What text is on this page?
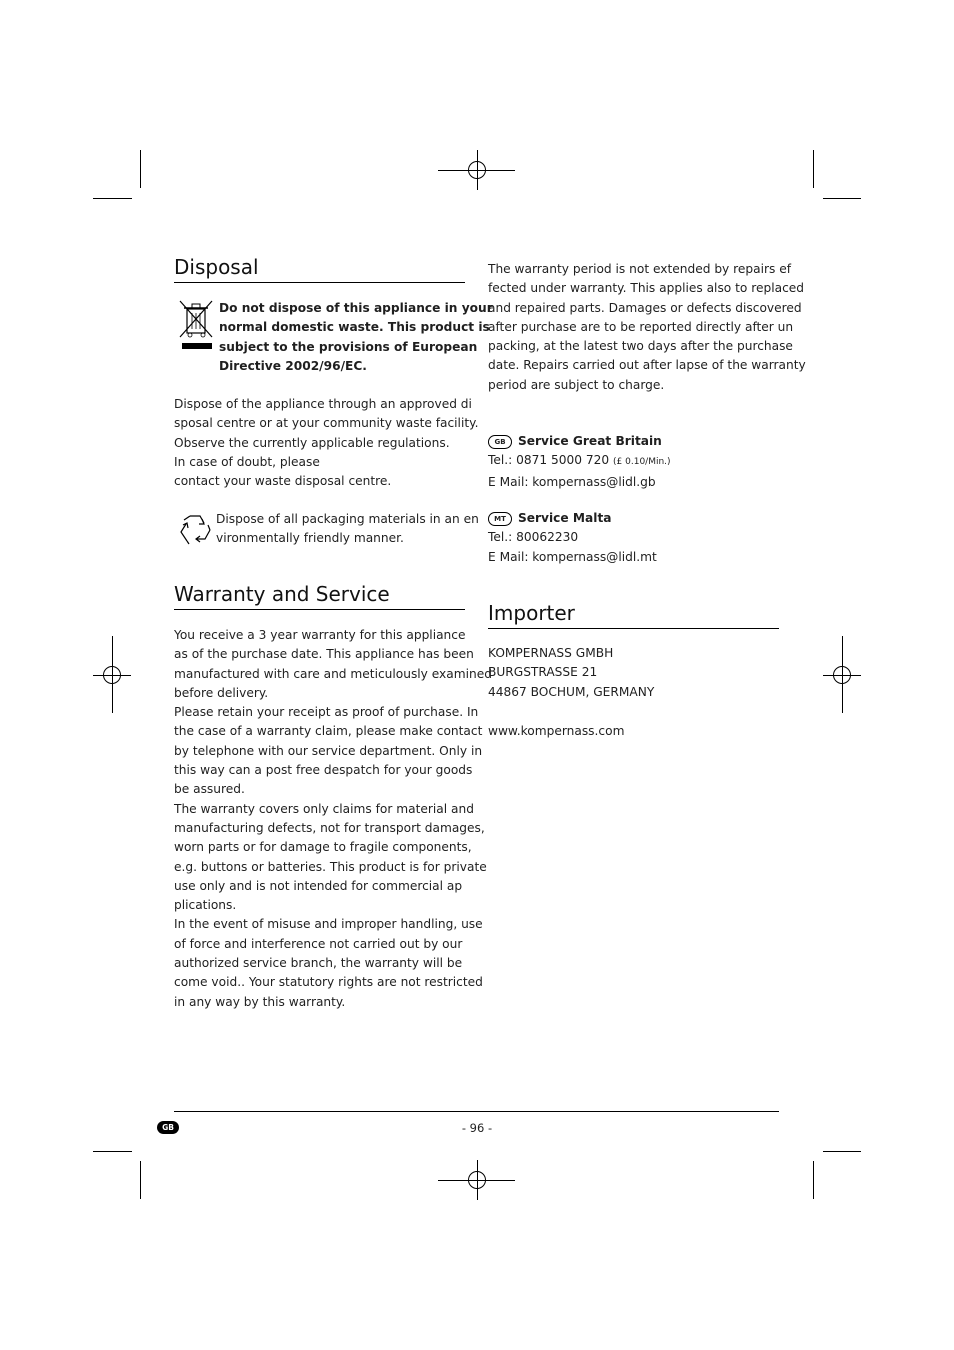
Disposal
Do not dispose of this appliance in your
normal domestic waste. This product is
subject to the provisions of European
Directive 2002/96/EC.
Dispose of the appliance through an approved di
sposal centre or at your community waste facility.
Observe the currently applicable regulations.
In case of doubt, please
contact your waste disposal centre.
Dispose of all packaging materials in an en
vironmentally friendly manner.
Warranty and Service
You receive a 3 year warranty for this appliance
as of the purchase date. This appliance has been
manufactured with care and meticulously examined
before delivery.
Please retain your receipt as proof of purchase. In
the case of a warranty claim, please make contact
by telephone with our service department. Only in
this way can a post free despatch for your goods
be assured.
The warranty covers only claims for material and
manufacturing defects, not for transport damages,
worn parts or for damage to fragile components,
e.g. buttons or batteries. This product is for private
use only and is not intended for commercial ap
plications.
In the event of misuse and improper handling, use
of force and interference not carried out by our
authorized service branch, the warranty will be
come void.. Your statutory rights are not restricted
in any way by this warranty.
The warranty period is not extended by repairs ef
fected under warranty. This applies also to replaced
and repaired parts. Damages or defects discovered
after purchase are to be reported directly after un
packing, at the latest two days after the purchase
date. Repairs carried out after lapse of the warranty
period are subject to charge.
GB Service Great Britain
Tel.: 0871 5000 720 (£ 0.10/Min.)
E Mail: kompernass@lidl.gb
MT Service Malta
Tel.: 80062230
E Mail: kompernass@lidl.mt
Importer
KOMPERNASS GMBH
BURGSTRASSE 21
44867 BOCHUM, GERMANY
www.kompernass.com
GB	- 96 -
